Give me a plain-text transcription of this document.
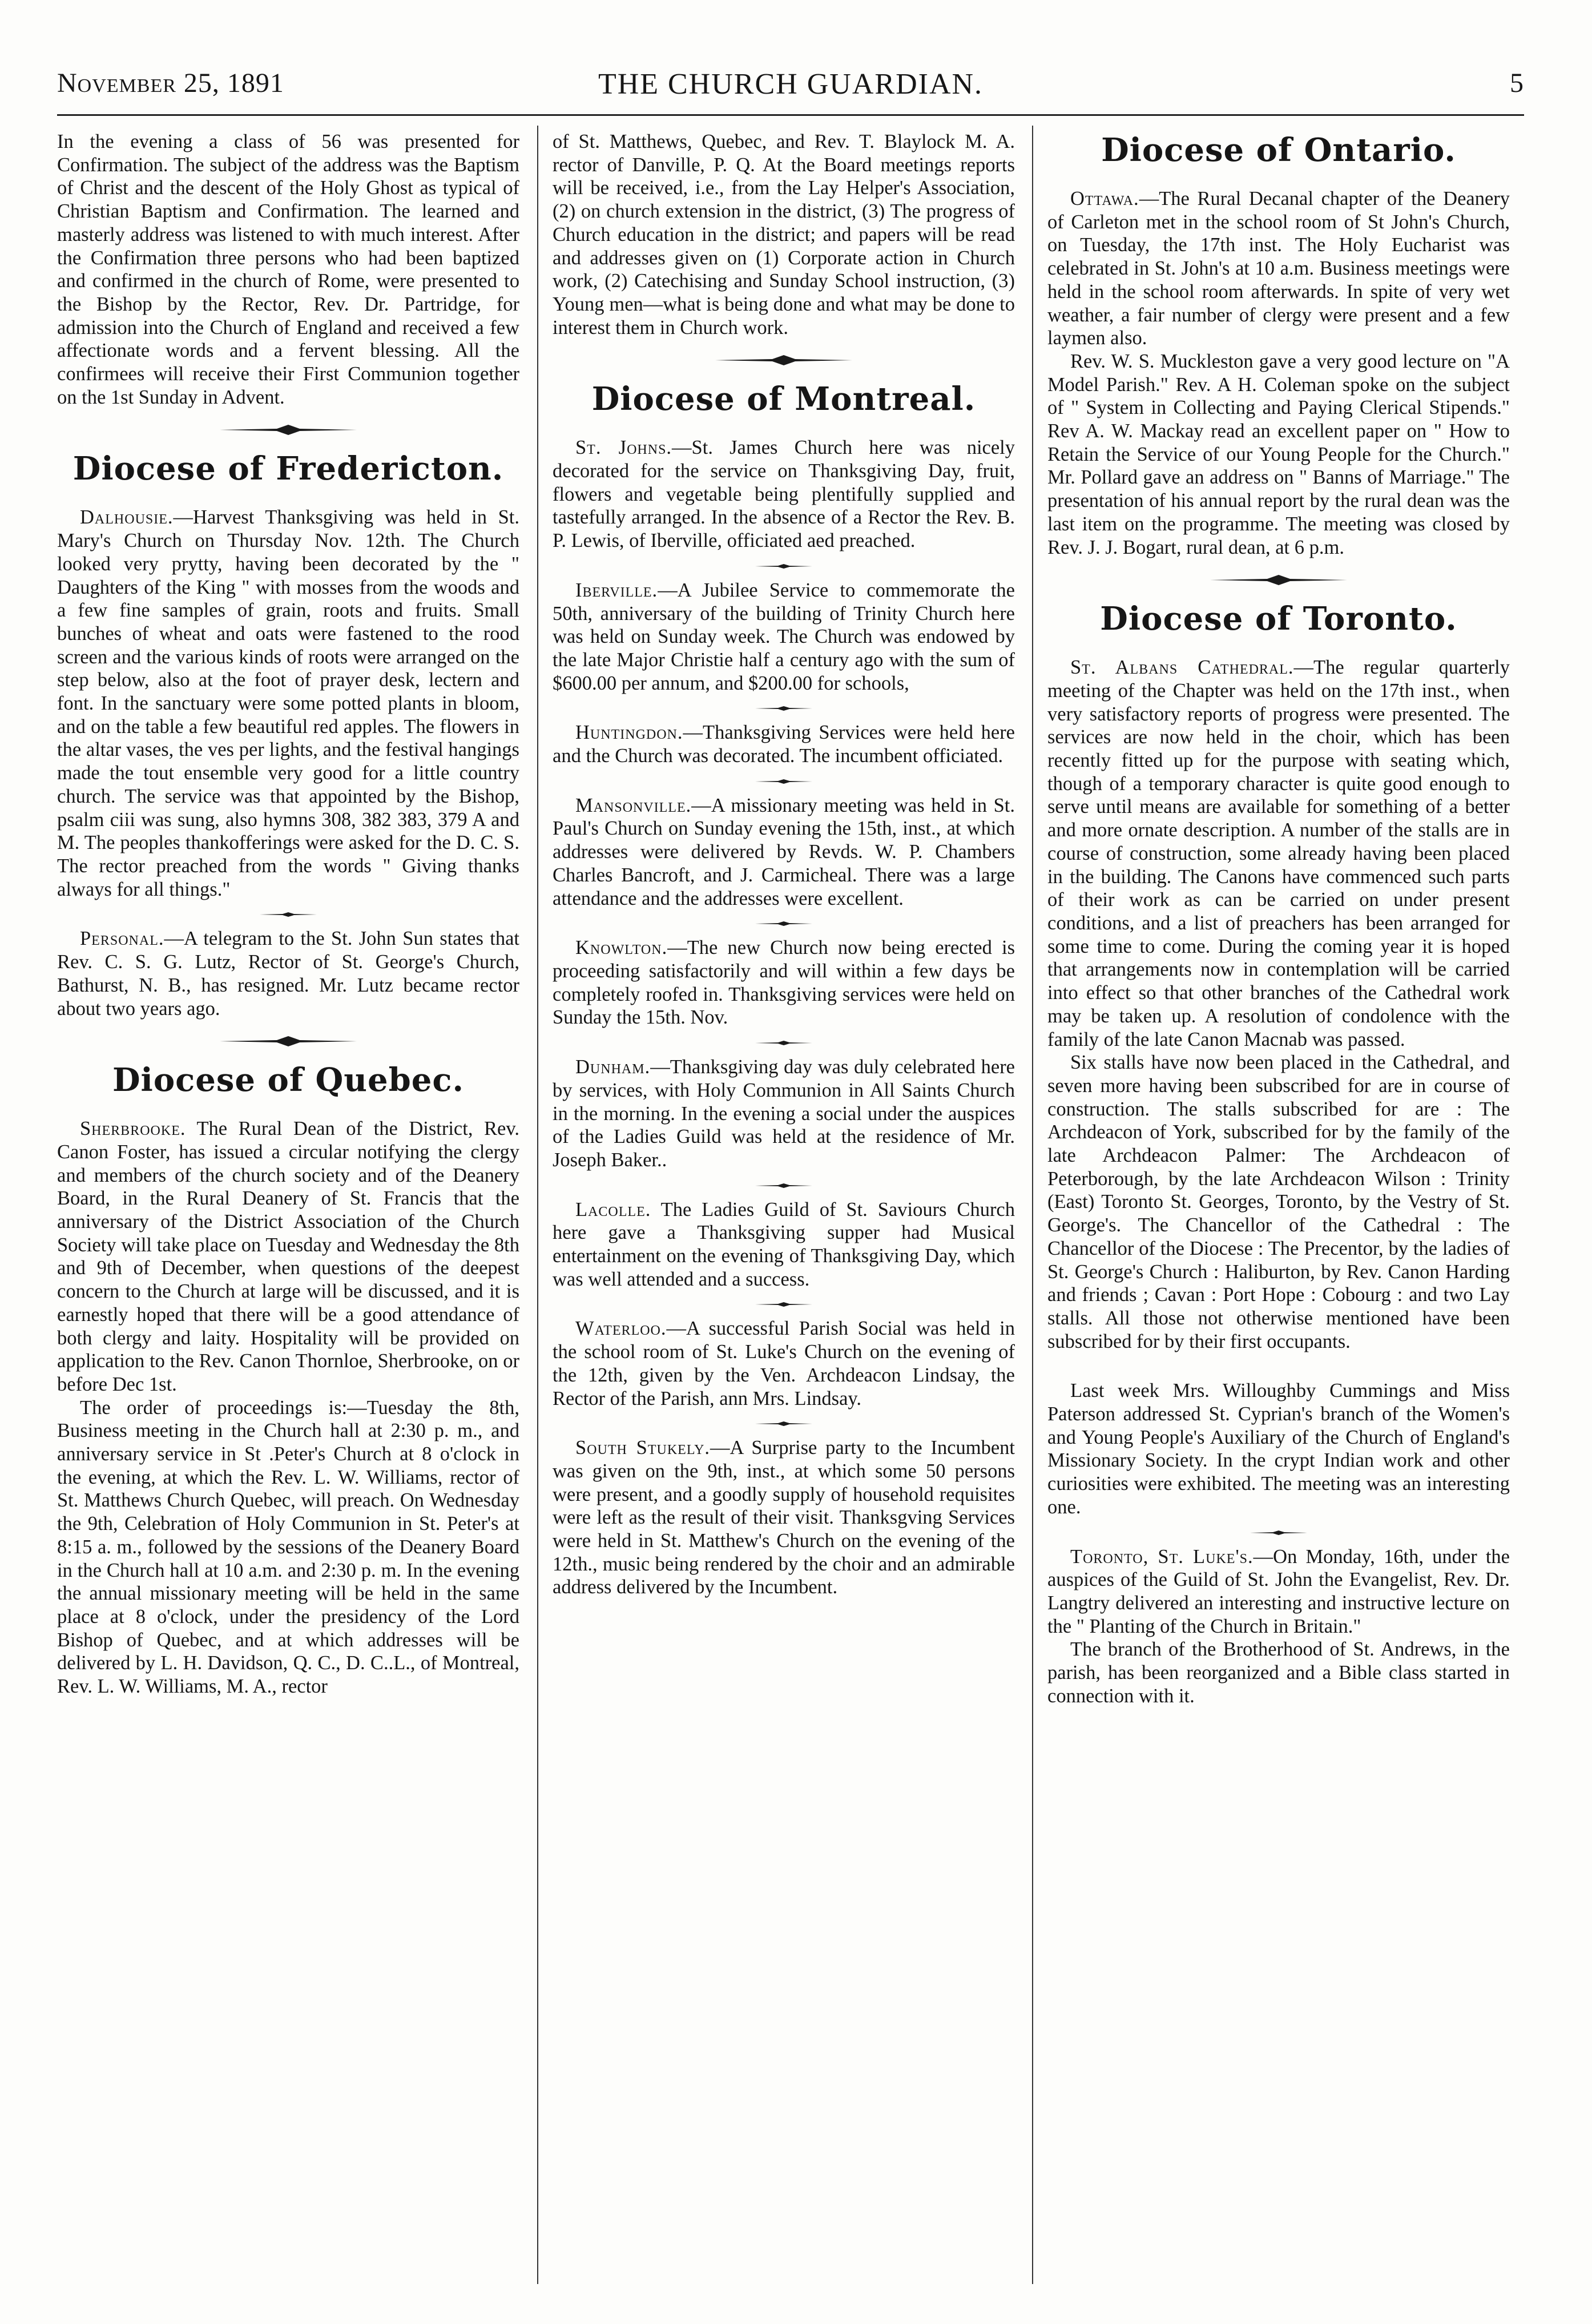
November 25, 1891	THE CHURCH GUARDIAN.	5

In the evening a class of 56 was presented for Confirmation. The subject of the address was the Baptism of Christ and the descent of the Holy Ghost as typical of Christian Baptism and Confirmation. The learned and masterly address was listened to with much interest. After the Confirmation three persons who had been baptized and confirmed in the church of Rome, were presented to the Bishop by the Rector, Rev. Dr. Partridge, for admission into the Church of England and received a few affectionate words and a fervent blessing. All the confirmees will receive their First Communion together on the 1st Sunday in Advent.

Diocese of Fredericton.

Dalhousie.—Harvest Thanksgiving was held in St. Mary's Church on Thursday Nov. 12th. The Church looked very prytty, having been decorated by the " Daughters of the King " with mosses from the woods and a few fine samples of grain, roots and fruits. Small bunches of wheat and oats were fastened to the rood screen and the various kinds of roots were arranged on the step below, also at the foot of prayer desk, lectern and font. In the sanctuary were some potted plants in bloom, and on the table a few beautiful red apples. The flowers in the altar vases, the ves per lights, and the festival hangings made the tout ensemble very good for a little country church. The service was that appointed by the Bishop, psalm ciii was sung, also hymns 308, 382 383, 379 A and M. The peoples thankofferings were asked for the D. C. S. The rector preached from the words " Giving thanks always for all things."

Personal.—A telegram to the St. John Sun states that Rev. C. S. G. Lutz, Rector of St. George's Church, Bathurst, N. B., has resigned. Mr. Lutz became rector about two years ago.

Diocese of Quebec.

Sherbrooke. The Rural Dean of the District, Rev. Canon Foster, has issued a circular notifying the clergy and members of the church society and of the Deanery Board, in the Rural Deanery of St. Francis that the anniversary of the District Association of the Church Society will take place on Tuesday and Wednesday the 8th and 9th of December, when questions of the deepest concern to the Church at large will be discussed, and it is earnestly hoped that there will be a good attendance of both clergy and laity. Hospitality will be provided on application to the Rev. Canon Thornloe, Sherbrooke, on or before Dec 1st.

The order of proceedings is:—Tuesday the 8th, Business meeting in the Church hall at 2:30 p. m., and anniversary service in St .Peter's Church at 8 o'clock in the evening, at which the Rev. L. W. Williams, rector of St. Matthews Church Quebec, will preach. On Wednesday the 9th, Celebration of Holy Communion in St. Peter's at 8:15 a. m., followed by the sessions of the Deanery Board in the Church hall at 10 a.m. and 2:30 p. m. In the evening the annual missionary meeting will be held in the same place at 8 o'clock, under the presidency of the Lord Bishop of Quebec, and at which addresses will be delivered by L. H. Davidson, Q. C., D. C..L., of Montreal, Rev. L. W. Williams, M. A., rector

of St. Matthews, Quebec, and Rev. T. Blaylock M. A. rector of Danville, P. Q. At the Board meetings reports will be received, i.e., from the Lay Helper's Association, (2) on church extension in the district, (3) The progress of Church education in the district; and papers will be read and addresses given on (1) Corporate action in Church work, (2) Catechising and Sunday School instruction, (3) Young men—what is being done and what may be done to interest them in Church work.

Diocese of Montreal.

St. Johns.—St. James Church here was nicely decorated for the service on Thanksgiving Day, fruit, flowers and vegetable being plentifully supplied and tastefully arranged. In the absence of a Rector the Rev. B. P. Lewis, of Iberville, officiated aed preached.

Iberville.—A Jubilee Service to commemorate the 50th, anniversary of the building of Trinity Church here was held on Sunday week. The Church was endowed by the late Major Christie half a century ago with the sum of $600.00 per annum, and $200.00 for schools,

Huntingdon.—Thanksgiving Services were held here and the Church was decorated. The incumbent officiated.

Mansonville.—A missionary meeting was held in St. Paul's Church on Sunday evening the 15th, inst., at which addresses were delivered by Revds. W. P. Chambers Charles Bancroft, and J. Carmicheal. There was a large attendance and the addresses were excellent.

Knowlton.—The new Church now being erected is proceeding satisfactorily and will within a few days be completely roofed in. Thanksgiving services were held on Sunday the 15th. Nov.

Dunham.—Thanksgiving day was duly celebrated here by services, with Holy Communion in All Saints Church in the morning. In the evening a social under the auspices of the Ladies Guild was held at the residence of Mr. Joseph Baker..

Lacolle. The Ladies Guild of St. Saviours Church here gave a Thanksgiving supper had Musical entertainment on the evening of Thanksgiving Day, which was well attended and a success.

Waterloo.—A successful Parish Social was held in the school room of St. Luke's Church on the evening of the 12th, given by the Ven. Archdeacon Lindsay, the Rector of the Parish, ann Mrs. Lindsay.

South Stukely.—A Surprise party to the Incumbent was given on the 9th, inst., at which some 50 persons were present, and a goodly supply of household requisites were left as the result of their visit. Thanksgving Services were held in St. Matthew's Church on the evening of the 12th., music being rendered by the choir and an admirable address delivered by the Incumbent.

Diocese of Ontario.

Ottawa.—The Rural Decanal chapter of the Deanery of Carleton met in the school room of St John's Church, on Tuesday, the 17th inst. The Holy Eucharist was celebrated in St. John's at 10 a.m. Business meetings were held in the school room afterwards. In spite of very wet weather, a fair number of clergy were present and a few laymen also.

Rev. W. S. Muckleston gave a very good lecture on "A Model Parish." Rev. A H. Coleman spoke on the subject of " System in Collecting and Paying Clerical Stipends." Rev A. W. Mackay read an excellent paper on " How to Retain the Service of our Young People for the Church." Mr. Pollard gave an address on " Banns of Marriage." The presentation of his annual report by the rural dean was the last item on the programme. The meeting was closed by Rev. J. J. Bogart, rural dean, at 6 p.m.

Diocese of Toronto.

St. Albans Cathedral.—The regular quarterly meeting of the Chapter was held on the 17th inst., when very satisfactory reports of progress were presented. The services are now held in the choir, which has been recently fitted up for the purpose with seating which, though of a temporary character is quite good enough to serve until means are available for something of a better and more ornate description. A number of the stalls are in course of construction, some already having been placed in the building. The Canons have commenced such parts of their work as can be carried on under present conditions, and a list of preachers has been arranged for some time to come. During the coming year it is hoped that arrangements now in contemplation will be carried into effect so that other branches of the Cathedral work may be taken up. A resolution of condolence with the family of the late Canon Macnab was passed.

Six stalls have now been placed in the Cathedral, and seven more having been subscribed for are in course of construction. The stalls subscribed for are : The Archdeacon of York, subscribed for by the family of the late Archdeacon Palmer: The Archdeacon of Peterborough, by the late Archdeacon Wilson : Trinity (East) Toronto St. Georges, Toronto, by the Vestry of St. George's. The Chancellor of the Cathedral : The Chancellor of the Diocese : The Precentor, by the ladies of St. George's Church : Haliburton, by Rev. Canon Harding and friends ; Cavan : Port Hope : Cobourg : and two Lay stalls. All those not otherwise mentioned have been subscribed for by their first occupants.

Last week Mrs. Willoughby Cummings and Miss Paterson addressed St. Cyprian's branch of the Women's and Young People's Auxiliary of the Church of England's Missionary Society. In the crypt Indian work and other curiosities were exhibited. The meeting was an interesting one.

Toronto, St. Luke's.—On Monday, 16th, under the auspices of the Guild of St. John the Evangelist, Rev. Dr. Langtry delivered an interesting and instructive lecture on the " Planting of the Church in Britain."

The branch of the Brotherhood of St. Andrews, in the parish, has been reorganized and a Bible class started in connection with it.
